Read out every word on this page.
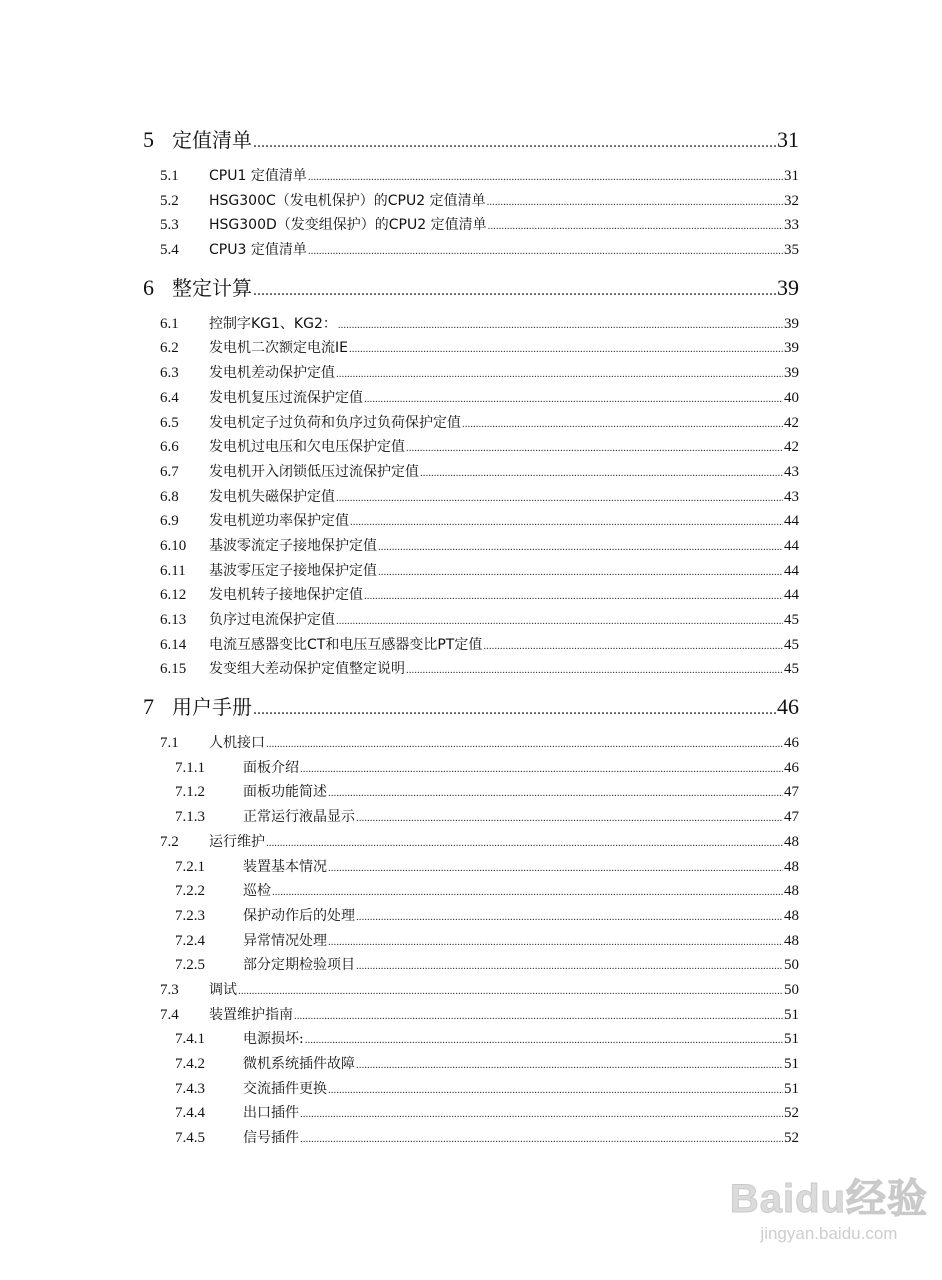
5 定值清单 .....	31
5.1	CPU1 定值清单 .....	31
5.2	HSG300C（发电机保护）的CPU2 定值清单 .....	32
5.3	HSG300D（发变组保护）的CPU2 定值清单 .....	33
5.4	CPU3 定值清单 .....	35
6 整定计算 .....	39
6.1	控制字KG1、KG2： .....	39
6.2	发电机二次额定电流IE .....	39
6.3	发电机差动保护定值 .....	39
6.4	发电机复压过流保护定值 .....	40
6.5	发电机定子过负荷和负序过负荷保护定值 .....	42
6.6	发电机过电压和欠电压保护定值 .....	42
6.7	发电机开入闭锁低压过流保护定值 .....	43
6.8	发电机失磁保护定值 .....	43
6.9	发电机逆功率保护定值 .....	44
6.10	基波零流定子接地保护定值 .....	44
6.11	基波零压定子接地保护定值 .....	44
6.12	发电机转子接地保护定值 .....	44
6.13	负序过电流保护定值 .....	45
6.14	电流互感器变比CT和电压互感器变比PT定值 .....	45
6.15	发变组大差动保护定值整定说明 .....	45
7 用户手册 .....	46
7.1	人机接口 .....	46
7.1.1	面板介绍 .....	46
7.1.2	面板功能简述 .....	47
7.1.3	正常运行液晶显示 .....	47
7.2	运行维护 .....	48
7.2.1	装置基本情况 .....	48
7.2.2	巡检 .....	48
7.2.3	保护动作后的处理 .....	48
7.2.4	异常情况处理 .....	48
7.2.5	部分定期检验项目 .....	50
7.3	调试 .....	50
7.4	装置维护指南 .....	51
7.4.1	电源损坏: .....	51
7.4.2	微机系统插件故障 .....	51
7.4.3	交流插件更换 .....	51
7.4.4	出口插件 .....	52
7.4.5	信号插件 .....	52
Baidu经验
jingyan.baidu.com
